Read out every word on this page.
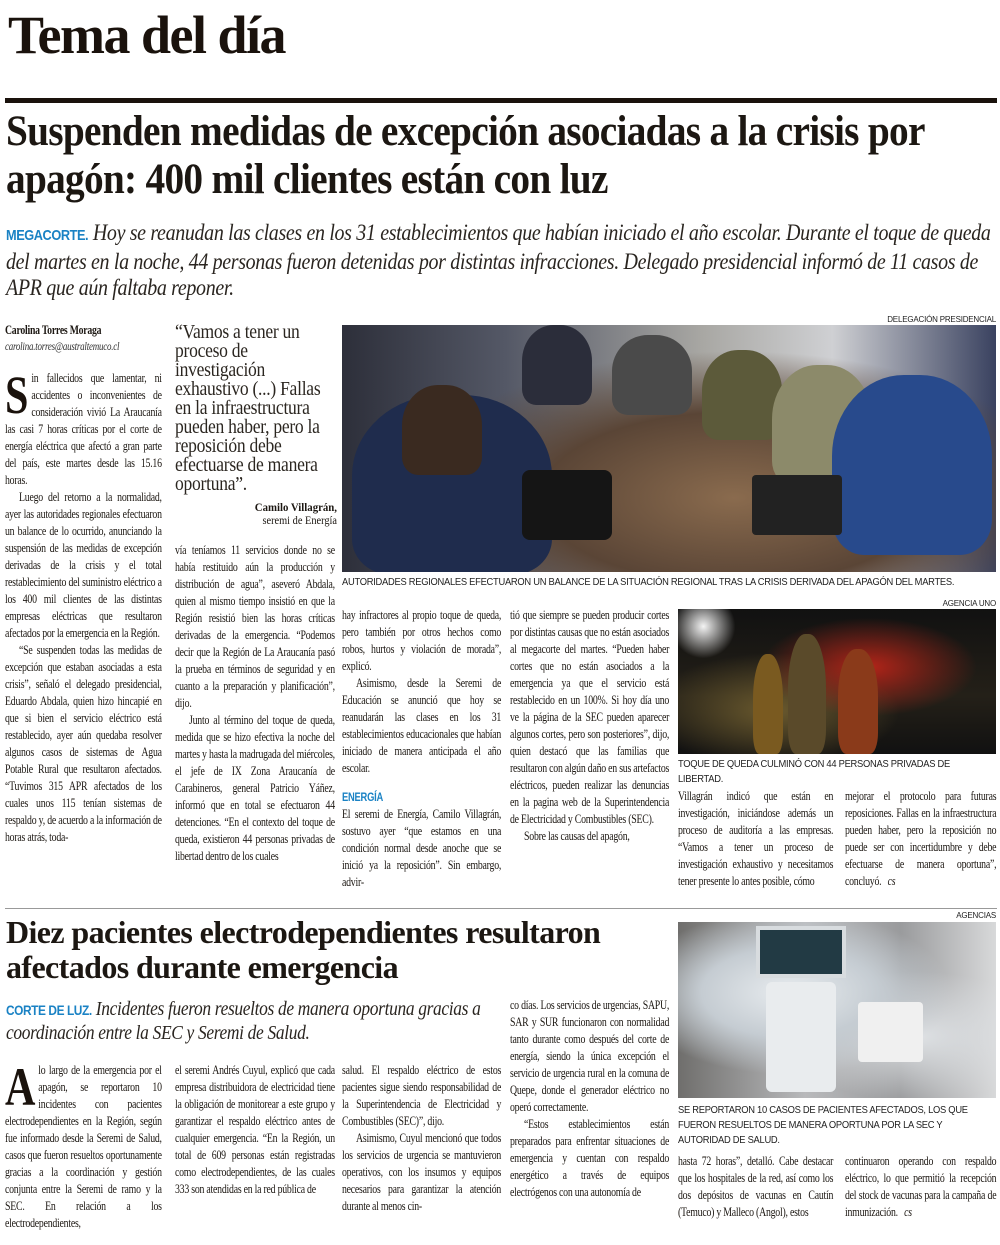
Tema del día
Suspenden medidas de excepción asociadas a la crisis por apagón: 400 mil clientes están con luz
MEGACORTE. Hoy se reanudan las clases en los 31 establecimientos que habían iniciado el año escolar. Durante el toque de queda del martes en la noche, 44 personas fueron detenidas por distintas infracciones. Delegado presidencial informó de 11 casos de APR que aún faltaba reponer.
Carolina Torres Moraga
carolina.torres@australtemuco.cl

Sin fallecidos que lamentar, ni accidentes o inconvenientes de consideración vivió La Araucanía las casi 7 horas críticas por el corte de energía eléctrica que afectó a gran parte del país, este martes desde las 15.16 horas.

Luego del retorno a la normalidad, ayer las autoridades regionales efectuaron un balance de lo ocurrido, anunciando la suspensión de las medidas de excepción derivadas de la crisis y el total restablecimiento del suministro eléctrico a los 400 mil clientes de las distintas empresas eléctricas que resultaron afectados por la emergencia en la Región.

“Se suspenden todas las medidas de excepción que estaban asociadas a esta crisis”, señaló el delegado presidencial, Eduardo Abdala, quien hizo hincapié en que si bien el servicio eléctrico está restablecido, ayer aún quedaba resolver algunos casos de sistemas de Agua Potable Rural que resultaron afectados. “Tuvimos 315 APR afectados de los cuales unos 115 tenían sistemas de respaldo y, de acuerdo a la información de horas atrás, toda-

“Vamos a tener un proceso de investigación exhaustivo (...) Fallas en la infraestructura pueden haber, pero la reposición debe efectuarse de manera oportuna”.
Camilo Villagrán,
seremi de Energía

vía teníamos 11 servicios donde no se había restituido aún la producción y distribución de agua”, aseveró Abdala, quien al mismo tiempo insistió en que la Región resistió bien las horas críticas derivadas de la emergencia. “Podemos decir que la Región de La Araucanía pasó la prueba en términos de seguridad y en cuanto a la preparación y planificación”, dijo.

Junto al término del toque de queda, medida que se hizo efectiva la noche del martes y hasta la madrugada del miércoles, el jefe de IX Zona Araucanía de Carabineros, general Patricio Yáñez, informó que en total se efectuaron 44 detenciones. “En el contexto del toque de queda, existieron 44 personas privadas de libertad dentro de los cuales

DELEGACIÓN PRESIDENCIAL
AUTORIDADES REGIONALES EFECTUARON UN BALANCE DE LA SITUACIÓN REGIONAL TRAS LA CRISIS DERIVADA DEL APAGÓN DEL MARTES.

hay infractores al propio toque de queda, pero también por otros hechos como robos, hurtos y violación de morada”, explicó.

Asimismo, desde la Seremi de Educación se anunció que hoy se reanudarán las clases en los 31 establecimientos educacionales que habían iniciado de manera anticipada el año escolar.

ENERGÍA

El seremi de Energía, Camilo Villagrán, sostuvo ayer “que estamos en una condición normal desde anoche que se inició ya la reposición”. Sin embargo, advir-

tió que siempre se pueden producir cortes por distintas causas que no están asociados al megacorte del martes. “Pueden haber cortes que no están asociados a la emergencia ya que el servicio está restablecido en un 100%. Si hoy día uno ve la página de la SEC pueden aparecer algunos cortes, pero son posteriores”, dijo, quien destacó que las familias que resultaron con algún daño en sus artefactos eléctricos, pueden realizar las denuncias en la pagina web de la Superintendencia de Electricidad y Combustibles (SEC).

Sobre las causas del apagón,

AGENCIA UNO
TOQUE DE QUEDA CULMINÓ CON 44 PERSONAS PRIVADAS DE LIBERTAD.

Villagrán indicó que están en investigación, iniciándose además un proceso de auditoría a las empresas. “Vamos a tener un proceso de investigación exhaustivo y necesitamos tener presente lo antes posible, cómo

mejorar el protocolo para futuras reposiciones. Fallas en la infraestructura pueden haber, pero la reposición no puede ser con incertidumbre y debe efectuarse de manera oportuna”, concluyó. cs

Diez pacientes electrodependientes resultaron afectados durante emergencia
CORTE DE LUZ. Incidentes fueron resueltos de manera oportuna gracias a coordinación entre la SEC y Seremi de Salud.

Alo largo de la emergencia por el apagón, se reportaron 10 incidentes con pacientes electrodependientes en la Región, según fue informado desde la Seremi de Salud, casos que fueron resueltos oportunamente gracias a la coordinación y gestión conjunta entre la Seremi de ramo y la SEC. En relación a los electrodependientes,

el seremi Andrés Cuyul, explicó que cada empresa distribuidora de electricidad tiene la obligación de monitorear a este grupo y garantizar el respaldo eléctrico antes de cualquier emergencia. “En la Región, un total de 609 personas están registradas como electrodependientes, de las cuales 333 son atendidas en la red pública de

salud. El respaldo eléctrico de estos pacientes sigue siendo responsabilidad de la Superintendencia de Electricidad y Combustibles (SEC)”, dijo.

Asimismo, Cuyul mencionó que todos los servicios de urgencia se mantuvieron operativos, con los insumos y equipos necesarios para garantizar la atención durante al menos cin-

co días. Los servicios de urgencias, SAPU, SAR y SUR funcionaron con normalidad tanto durante como después del corte de energía, siendo la única excepción el servicio de urgencia rural en la comuna de Quepe, donde el generador eléctrico no operó correctamente.

“Estos establecimientos están preparados para enfrentar situaciones de emergencia y cuentan con respaldo energético a través de equipos electrógenos con una autonomía de

AGENCIAS
SE REPORTARON 10 CASOS DE PACIENTES AFECTADOS, LOS QUE FUERON RESUELTOS DE MANERA OPORTUNA POR LA SEC Y AUTORIDAD DE SALUD.

hasta 72 horas”, detalló. Cabe destacar que los hospitales de la red, así como los dos depósitos de vacunas en Cautín (Temuco) y Malleco (Angol), estos

continuaron operando con respaldo eléctrico, lo que permitió la recepción del stock de vacunas para la campaña de inmunización. cs
